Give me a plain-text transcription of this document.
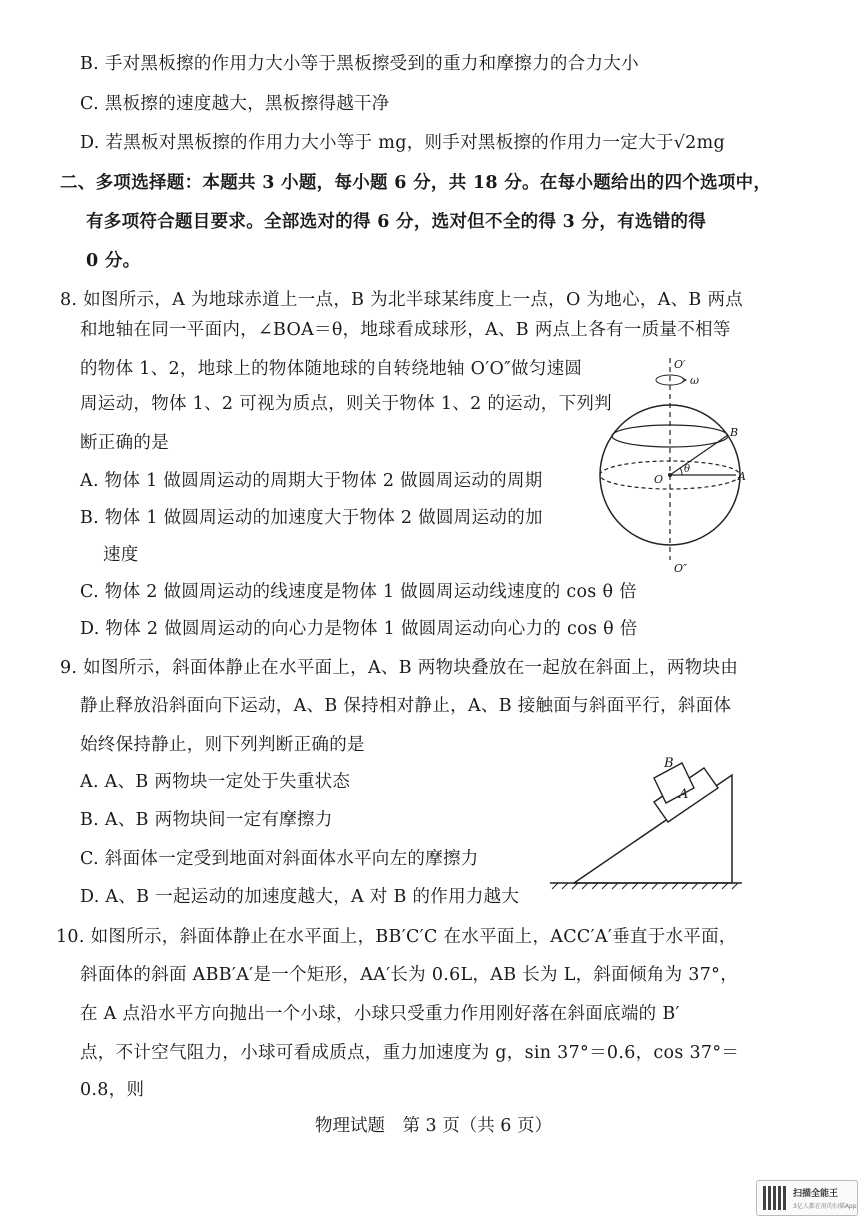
B. 手对黑板擦的作用力大小等于黑板擦受到的重力和摩擦力的合力大小
C. 黑板擦的速度越大，黑板擦得越干净
D. 若黑板对黑板擦的作用力大小等于 mg，则手对黑板擦的作用力一定大于√2mg
二、多项选择题：本题共 3 小题，每小题 6 分，共 18 分。在每小题给出的四个选项中，
有多项符合题目要求。全部选对的得 6 分，选对但不全的得 3 分，有选错的得
0 分。
8. 如图所示，A 为地球赤道上一点，B 为北半球某纬度上一点，O 为地心，A、B 两点
和地轴在同一平面内，∠BOA＝θ，地球看成球形，A、B 两点上各有一质量不相等
的物体 1、2，地球上的物体随地球的自转绕地轴 O′O″做匀速圆
周运动，物体 1、2 可视为质点，则关于物体 1、2 的运动，下列判
断正确的是
A. 物体 1 做圆周运动的周期大于物体 2 做圆周运动的周期
B. 物体 1 做圆周运动的加速度大于物体 2 做圆周运动的加
速度
C. 物体 2 做圆周运动的线速度是物体 1 做圆周运动线速度的 cos θ 倍
D. 物体 2 做圆周运动的向心力是物体 1 做圆周运动向心力的 cos θ 倍
9. 如图所示，斜面体静止在水平面上，A、B 两物块叠放在一起放在斜面上，两物块由
静止释放沿斜面向下运动，A、B 保持相对静止，A、B 接触面与斜面平行，斜面体
始终保持静止，则下列判断正确的是
A. A、B 两物块一定处于失重状态
B. A、B 两物块间一定有摩擦力
C. 斜面体一定受到地面对斜面体水平向左的摩擦力
D. A、B 一起运动的加速度越大，A 对 B 的作用力越大
10. 如图所示，斜面体静止在水平面上，BB′C′C 在水平面上，ACC′A′垂直于水平面，
斜面体的斜面 ABB′A′是一个矩形，AA′长为 0.6L，AB 长为 L，斜面倾角为 37°，
在 A 点沿水平方向抛出一个小球，小球只受重力作用刚好落在斜面底端的 B′
点，不计空气阻力，小球可看成质点，重力加速度为 g，sin 37°＝0.6，cos 37°＝
0.8，则
O′
O″
ω
B
A
O
θ
A
B
物理试题　第 3 页（共 6 页）
扫描全能王
3亿人都在用的扫描App
